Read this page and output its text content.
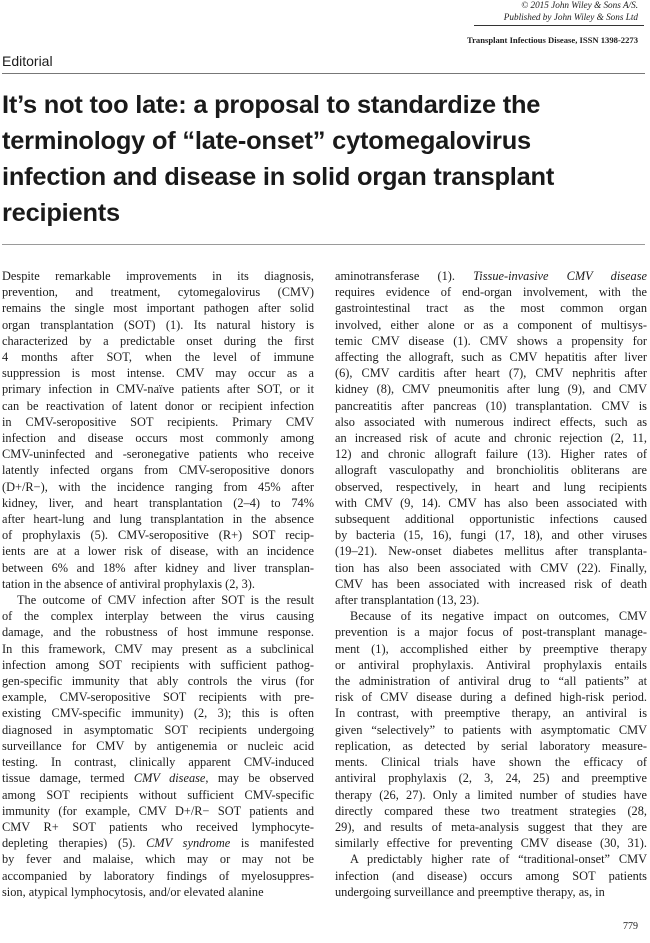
© 2015 John Wiley & Sons A/S.
Published by John Wiley & Sons Ltd
Transplant Infectious Disease, ISSN 1398-2273
Editorial
It’s not too late: a proposal to standardize the
terminology of “late-onset” cytomegalovirus
infection and disease in solid organ transplant
recipients
Despite remarkable improvements in its diagnosis,
prevention, and treatment, cytomegalovirus (CMV)
remains the single most important pathogen after solid
organ transplantation (SOT) (1). Its natural history is
characterized by a predictable onset during the first
4 months after SOT, when the level of immune
suppression is most intense. CMV may occur as a
primary infection in CMV-naïve patients after SOT, or it
can be reactivation of latent donor or recipient infection
in CMV-seropositive SOT recipients. Primary CMV
infection and disease occurs most commonly among
CMV-uninfected and -seronegative patients who receive
latently infected organs from CMV-seropositive donors
(D+/R−), with the incidence ranging from 45% after
kidney, liver, and heart transplantation (2–4) to 74%
after heart-lung and lung transplantation in the absence
of prophylaxis (5). CMV-seropositive (R+) SOT recip-
ients are at a lower risk of disease, with an incidence
between 6% and 18% after kidney and liver transplan-
tation in the absence of antiviral prophylaxis (2, 3).
The outcome of CMV infection after SOT is the result
of the complex interplay between the virus causing
damage, and the robustness of host immune response.
In this framework, CMV may present as a subclinical
infection among SOT recipients with sufficient pathog-
gen-specific immunity that ably controls the virus (for
example, CMV-seropositive SOT recipients with pre-
existing CMV-specific immunity) (2, 3); this is often
diagnosed in asymptomatic SOT recipients undergoing
surveillance for CMV by antigenemia or nucleic acid
testing. In contrast, clinically apparent CMV-induced
tissue damage, termed CMV disease, may be observed
among SOT recipients without sufficient CMV-specific
immunity (for example, CMV D+/R− SOT patients and
CMV R+ SOT patients who received lymphocyte-
depleting therapies) (5). CMV syndrome is manifested
by fever and malaise, which may or may not be
accompanied by laboratory findings of myelosuppres-
sion, atypical lymphocytosis, and/or elevated alanine
aminotransferase (1). Tissue-invasive CMV disease
requires evidence of end-organ involvement, with the
gastrointestinal tract as the most common organ
involved, either alone or as a component of multisys-
temic CMV disease (1). CMV shows a propensity for
affecting the allograft, such as CMV hepatitis after liver
(6), CMV carditis after heart (7), CMV nephritis after
kidney (8), CMV pneumonitis after lung (9), and CMV
pancreatitis after pancreas (10) transplantation. CMV is
also associated with numerous indirect effects, such as
an increased risk of acute and chronic rejection (2, 11,
12) and chronic allograft failure (13). Higher rates of
allograft vasculopathy and bronchiolitis obliterans are
observed, respectively, in heart and lung recipients
with CMV (9, 14). CMV has also been associated with
subsequent additional opportunistic infections caused
by bacteria (15, 16), fungi (17, 18), and other viruses
(19–21). New-onset diabetes mellitus after transplanta-
tion has also been associated with CMV (22). Finally,
CMV has been associated with increased risk of death
after transplantation (13, 23).
Because of its negative impact on outcomes, CMV
prevention is a major focus of post-transplant manage-
ment (1), accomplished either by preemptive therapy
or antiviral prophylaxis. Antiviral prophylaxis entails
the administration of antiviral drug to “all patients” at
risk of CMV disease during a defined high-risk period.
In contrast, with preemptive therapy, an antiviral is
given “selectively” to patients with asymptomatic CMV
replication, as detected by serial laboratory measure-
ments. Clinical trials have shown the efficacy of
antiviral prophylaxis (2, 3, 24, 25) and preemptive
therapy (26, 27). Only a limited number of studies have
directly compared these two treatment strategies (28,
29), and results of meta-analysis suggest that they are
similarly effective for preventing CMV disease (30, 31).
A predictably higher rate of “traditional-onset” CMV
infection (and disease) occurs among SOT patients
undergoing surveillance and preemptive therapy, as, in
779
